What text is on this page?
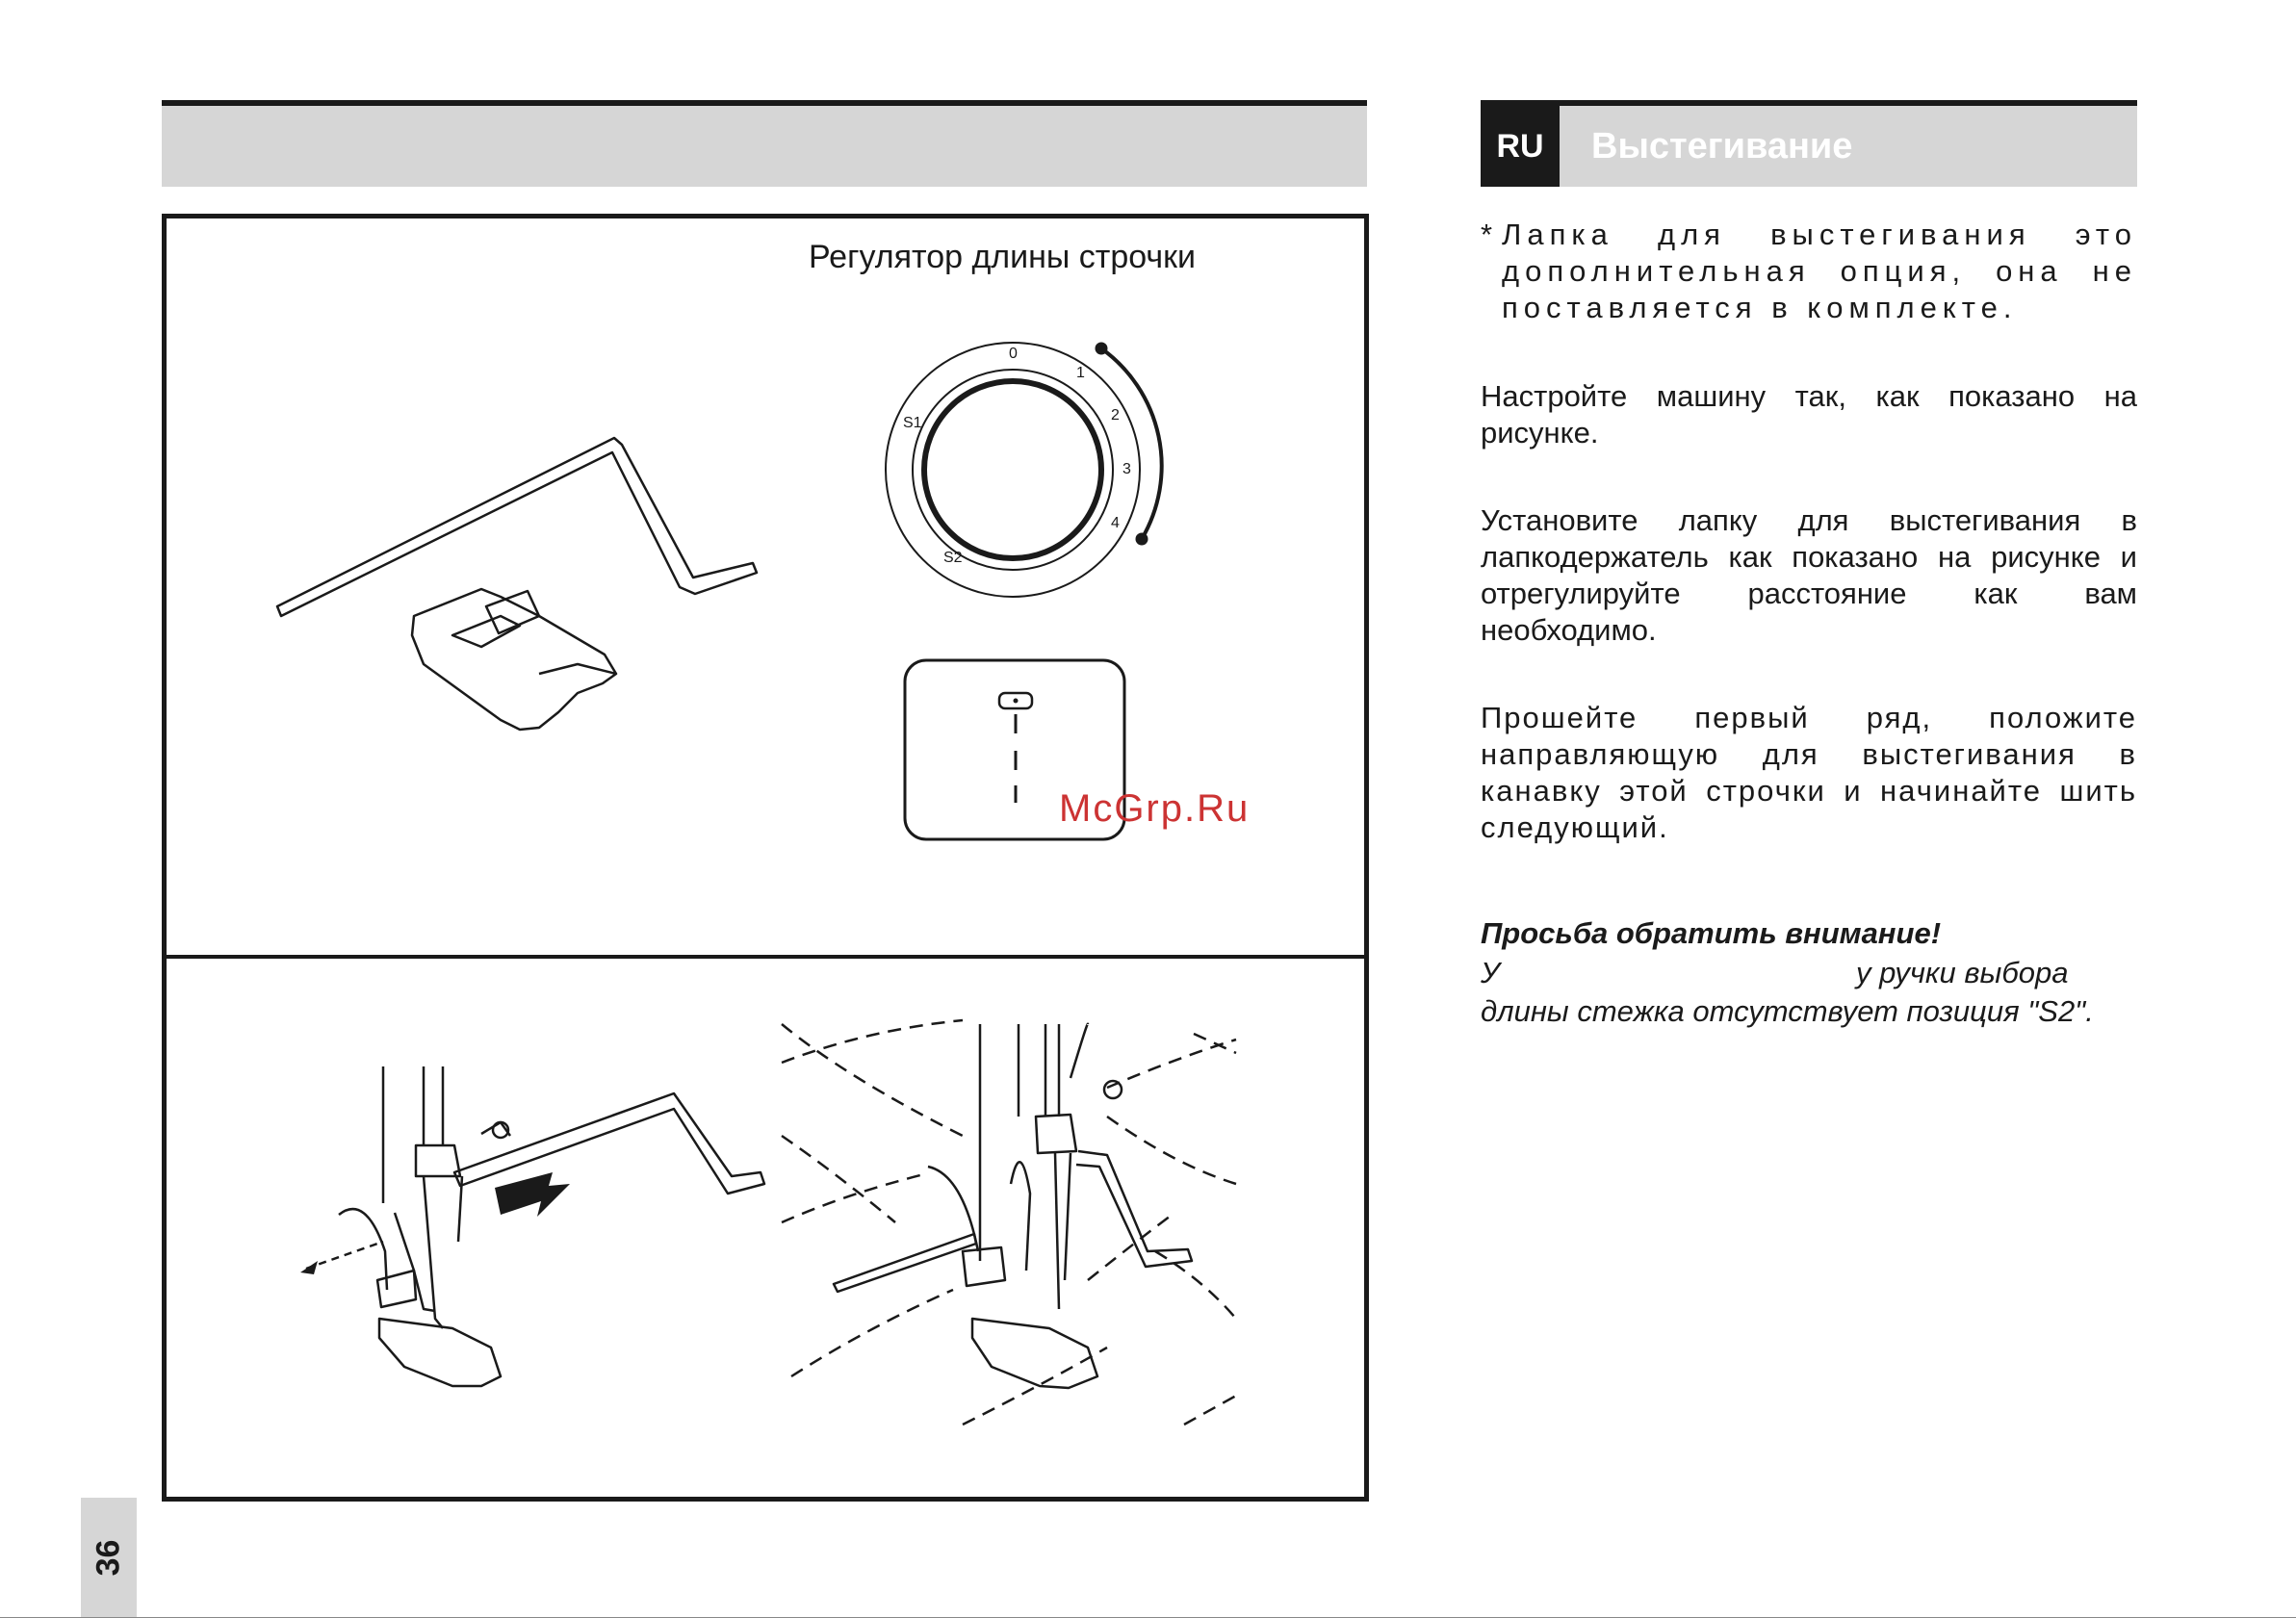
RU	Выстегивание
Регулятор длины строчки
0
1
2
3
4
S1
S2
McGrp.Ru
* Лапка для выстегивания это дополнительная опция, она не поставляется в комплекте.

Настройте машину так, как показано на рисунке.

Установите лапку для выстегивания в лапкодержатель как показано на рисунке и отрегулируйте расстояние как вам необходимо.

Прошейте первый ряд, положите направляющую для выстегивания в канавку этой строчки и начинайте шить следующий.

Просьба обратить внимание!
У	у ручки выбора
длины стежка отсутствует позиция "S2".
36
